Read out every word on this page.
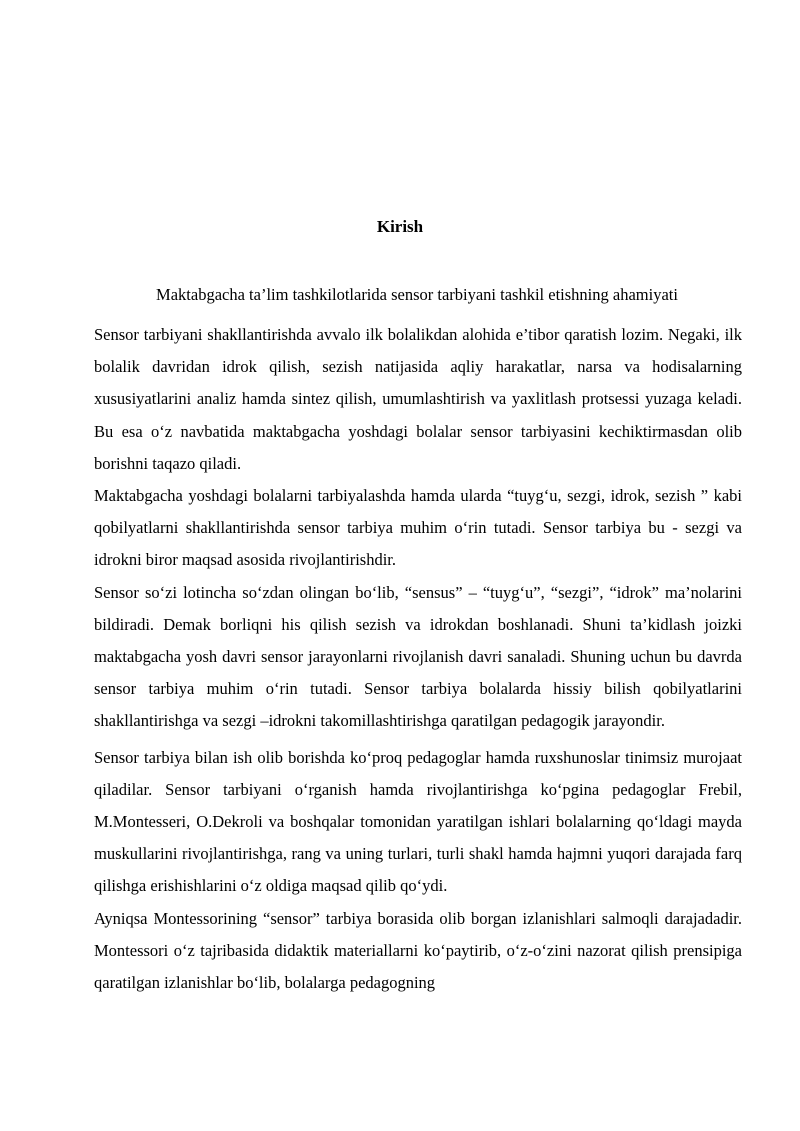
Kirish

Maktabgacha ta’lim tashkilotlarida sensor tarbiyani tashkil etishning ahamiyati

Sensor tarbiyani shakllantirishda avvalo ilk bolalikdan alohida e’tibor qaratish lozim. Negaki, ilk bolalik davridan idrok qilish, sezish natijasida aqliy harakatlar, narsa va hodisalarning xususiyatlarini analiz hamda sintez qilish, umumlashtirish va yaxlitlash protsessi yuzaga keladi. Bu esa o‘z navbatida maktabgacha yoshdagi bolalar sensor tarbiyasini kechiktirmasdan olib borishni taqazo qiladi.

Maktabgacha yoshdagi bolalarni tarbiyalashda hamda ularda “tuyg‘u, sezgi, idrok, sezish ” kabi qobilyatlarni shakllantirishda sensor tarbiya muhim o‘rin tutadi. Sensor tarbiya bu - sezgi va idrokni biror maqsad asosida rivojlantirishdir.

Sensor so‘zi lotincha so‘zdan olingan bo‘lib, “sensus” – “tuyg‘u”, “sezgi”, “idrok” ma’nolarini bildiradi. Demak borliqni his qilish sezish va idrokdan boshlanadi. Shuni ta’kidlash joizki maktabgacha yosh davri sensor jarayonlarni rivojlanish davri sanaladi. Shuning uchun bu davrda sensor tarbiya muhim o‘rin tutadi. Sensor tarbiya bolalarda hissiy bilish qobilyatlarini shakllantirishga va sezgi –idrokni takomillashtirishga qaratilgan pedagogik jarayondir.

Sensor tarbiya bilan ish olib borishda ko‘proq pedagoglar hamda ruxshunoslar tinimsiz murojaat qiladilar. Sensor tarbiyani o‘rganish hamda rivojlantirishga ko‘pgina pedagoglar Frebil, M.Montesseri, O.Dekroli va boshqalar tomonidan yaratilgan ishlari bolalarning qo‘ldagi mayda muskullarini rivojlantirishga, rang va uning turlari, turli shakl hamda hajmni yuqori darajada farq qilishga erishishlarini o‘z oldiga maqsad qilib qo‘ydi.

Ayniqsa Montessorining “sensor” tarbiya borasida olib borgan izlanishlari salmoqli darajadadir. Montessori o‘z tajribasida didaktik materiallarni ko‘paytirib, o‘z-o‘zini nazorat qilish prensipiga qaratilgan izlanishlar bo‘lib, bolalarga pedagogning
